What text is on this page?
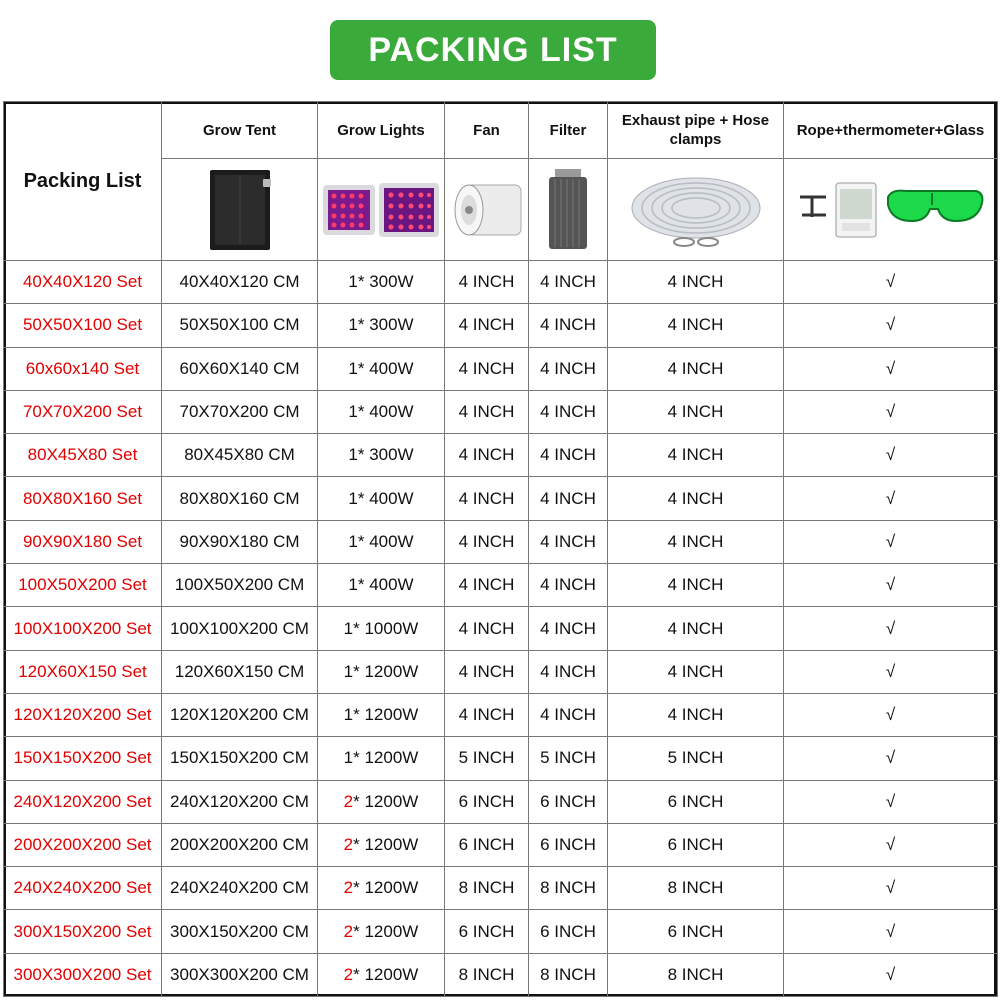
PACKING LIST
Packing List	Grow Tent	Grow Lights	Fan	Filter	Exhaust pipe + Hose clamps	Rope+thermometer+Glass

40X40X120 Set	40X40X120 CM	1* 300W	4 INCH	4 INCH	4 INCH	√
50X50X100 Set	50X50X100 CM	1* 300W	4 INCH	4 INCH	4 INCH	√
60x60x140 Set	60X60X140 CM	1* 400W	4 INCH	4 INCH	4 INCH	√
70X70X200 Set	70X70X200 CM	1* 400W	4 INCH	4 INCH	4 INCH	√
80X45X80 Set	80X45X80 CM	1* 300W	4 INCH	4 INCH	4 INCH	√
80X80X160 Set	80X80X160 CM	1* 400W	4 INCH	4 INCH	4 INCH	√
90X90X180 Set	90X90X180 CM	1* 400W	4 INCH	4 INCH	4 INCH	√
100X50X200 Set	100X50X200 CM	1* 400W	4 INCH	4 INCH	4 INCH	√
100X100X200 Set	100X100X200 CM	1* 1000W	4 INCH	4 INCH	4 INCH	√
120X60X150 Set	120X60X150 CM	1* 1200W	4 INCH	4 INCH	4 INCH	√
120X120X200 Set	120X120X200 CM	1* 1200W	4 INCH	4 INCH	4 INCH	√
150X150X200 Set	150X150X200 CM	1* 1200W	5 INCH	5 INCH	5 INCH	√
240X120X200 Set	240X120X200 CM	2* 1200W	6 INCH	6 INCH	6 INCH	√
200X200X200 Set	200X200X200 CM	2* 1200W	6 INCH	6 INCH	6 INCH	√
240X240X200 Set	240X240X200 CM	2* 1200W	8 INCH	8 INCH	8 INCH	√
300X150X200 Set	300X150X200 CM	2* 1200W	6 INCH	6 INCH	6 INCH	√
300X300X200 Set	300X300X200 CM	2* 1200W	8 INCH	8 INCH	8 INCH	√
